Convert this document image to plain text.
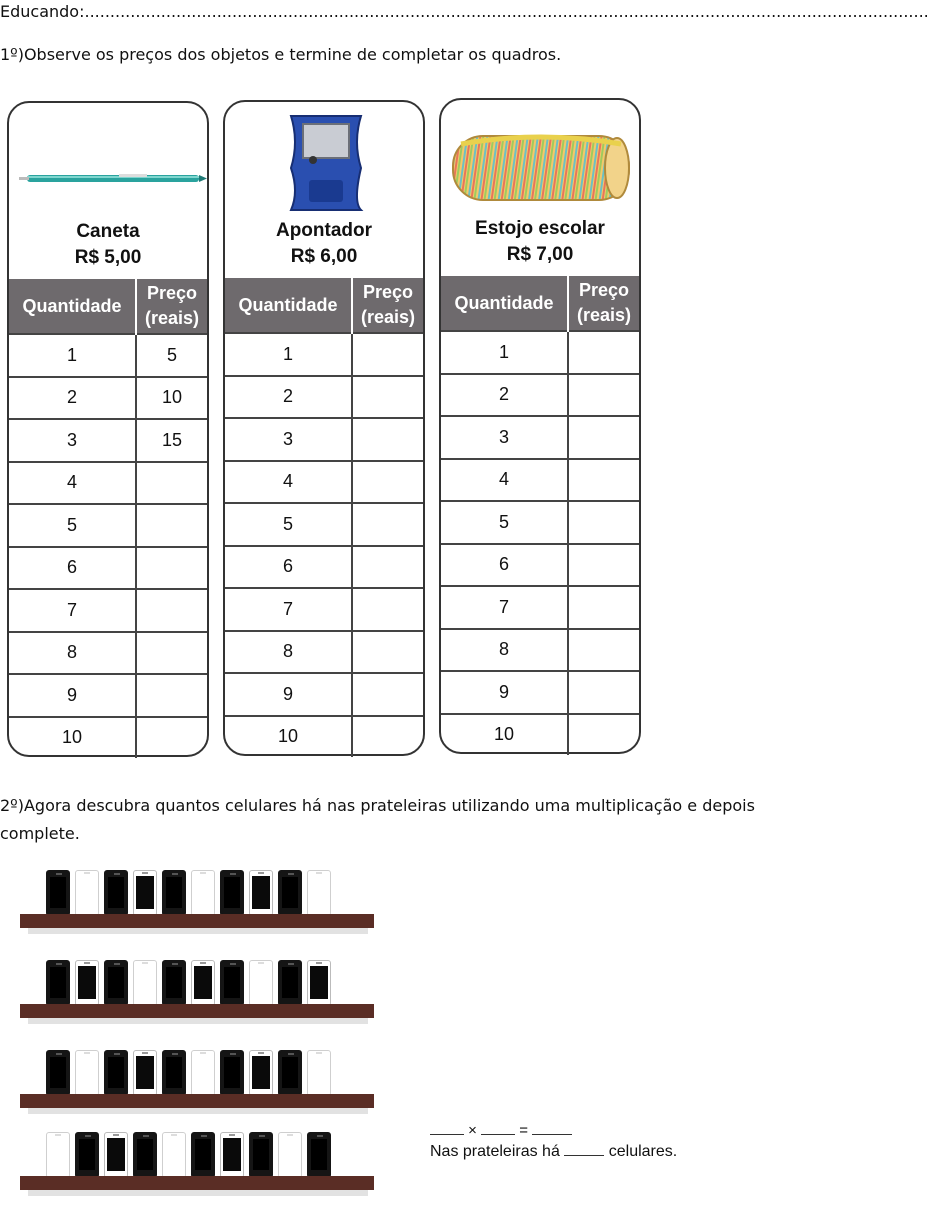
Educando:......................................................................................................................................................................
1º)Observe os preços dos objetos e termine de completar os quadros.
Caneta
R$ 5,00
Quantidade	Preço (reais)
1	5
2	10
3	15
4	
5	
6	
7	
8	
9	
10	
Apontador
R$ 6,00
Quantidade	Preço (reais)
1	
2	
3	
4	
5	
6	
7	
8	
9	
10	
Estojo escolar
R$ 7,00
Quantidade	Preço (reais)
1	
2	
3	
4	
5	
6	
7	
8	
9	
10	
2º)Agora descubra quantos celulares há nas prateleiras utilizando uma multiplicação e depois complete.
×	=
Nas prateleiras há	celulares.
